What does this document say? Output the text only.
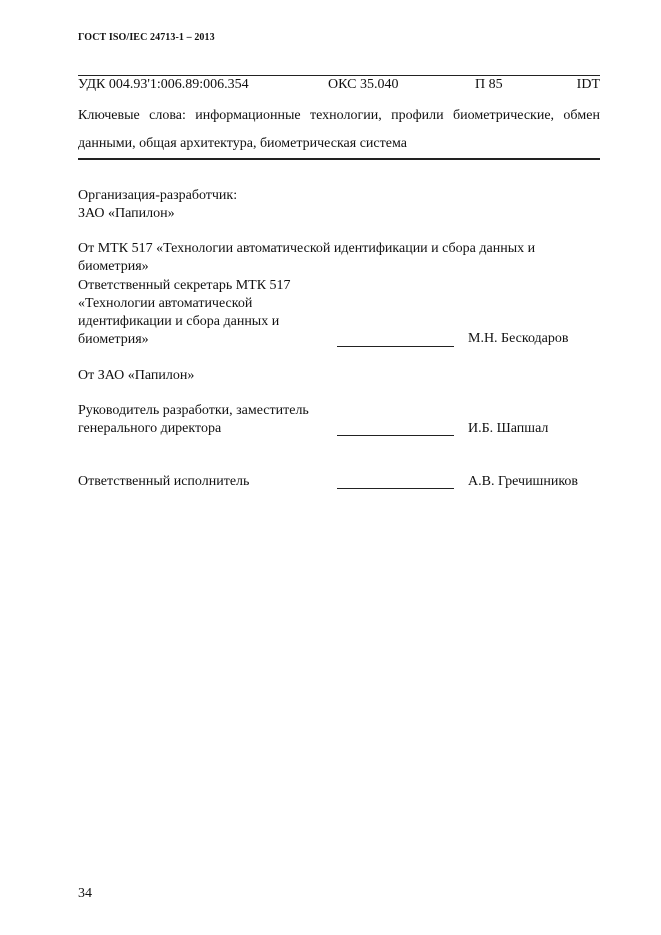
ГОСТ ISO/IEC 24713-1 – 2013
УДК 004.93'1:006.89:006.354	ОКС 35.040	П 85	IDT
Ключевые слова: информационные технологии, профили биометрические, обмен данными, общая архитектура, биометрическая система
Организация-разработчик:
ЗАО «Папилон»
От МТК 517 «Технологии автоматической идентификации и сбора данных и биометрия»
Ответственный секретарь МТК 517 «Технологии автоматической идентификации и сбора данных и биометрия»	М.Н. Бескодаров
От ЗАО «Папилон»
Руководитель разработки, заместитель генерального директора	И.Б. Шапшал
Ответственный исполнитель	А.В. Гречишников
34
